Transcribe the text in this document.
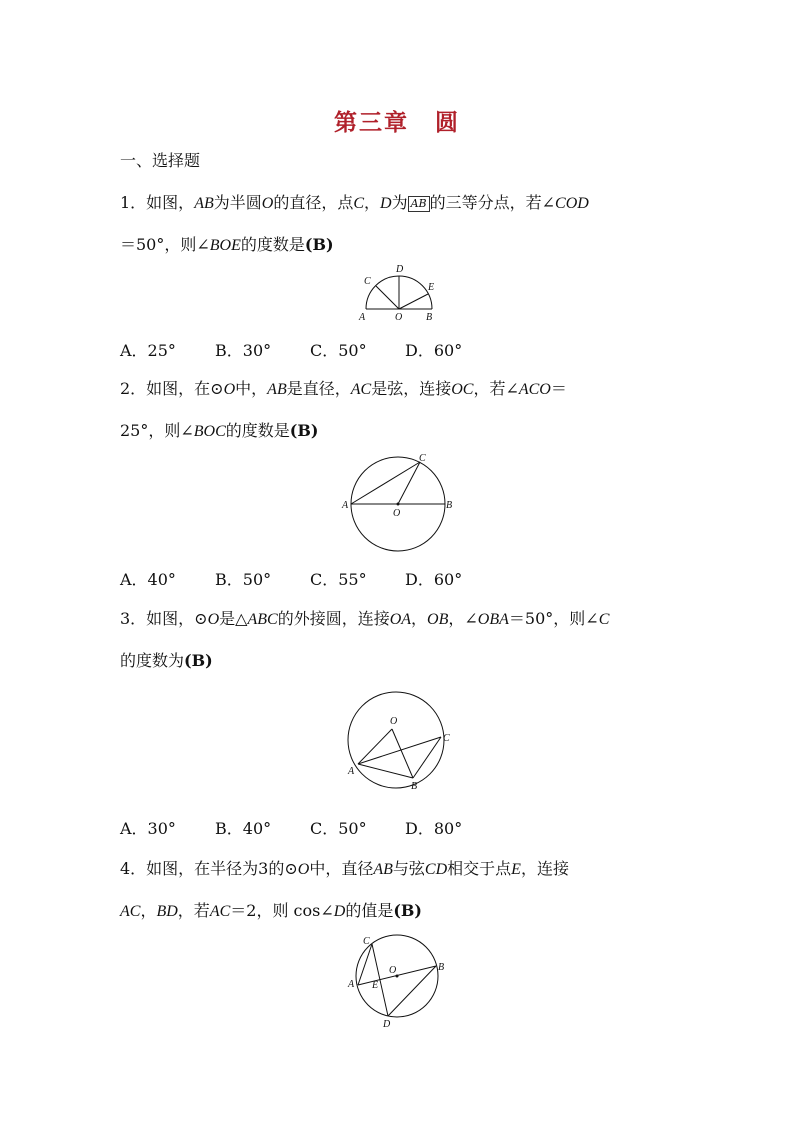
第三章 圆
一、选择题
1．如图，AB为半圆O的直径，点C，D为 AB 的三等分点，若∠COD
＝50°，则∠BOE的度数是(B)
A	O B
C
D
E
A．25° B．30° C．50° D．60°
2．如图，在⊙O中，AB是直径，AC是弦，连接OC，若∠ACO＝
25°，则∠BOC的度数是(B)
A
O
B
C
A．40° B．50° C．55° D．60°
3．如图，⊙O是△ABC的外接圆，连接OA，OB，∠OBA＝50°，则∠C
的度数为(B)
O
A
B
C
A．30° B．40° C．50° D．80°
4．如图，在半径为3的⊙O中，直径AB与弦CD相交于点E，连接
AC，BD，若AC＝2，则 cos∠D的值是(B)
C
O	B
A E
D
